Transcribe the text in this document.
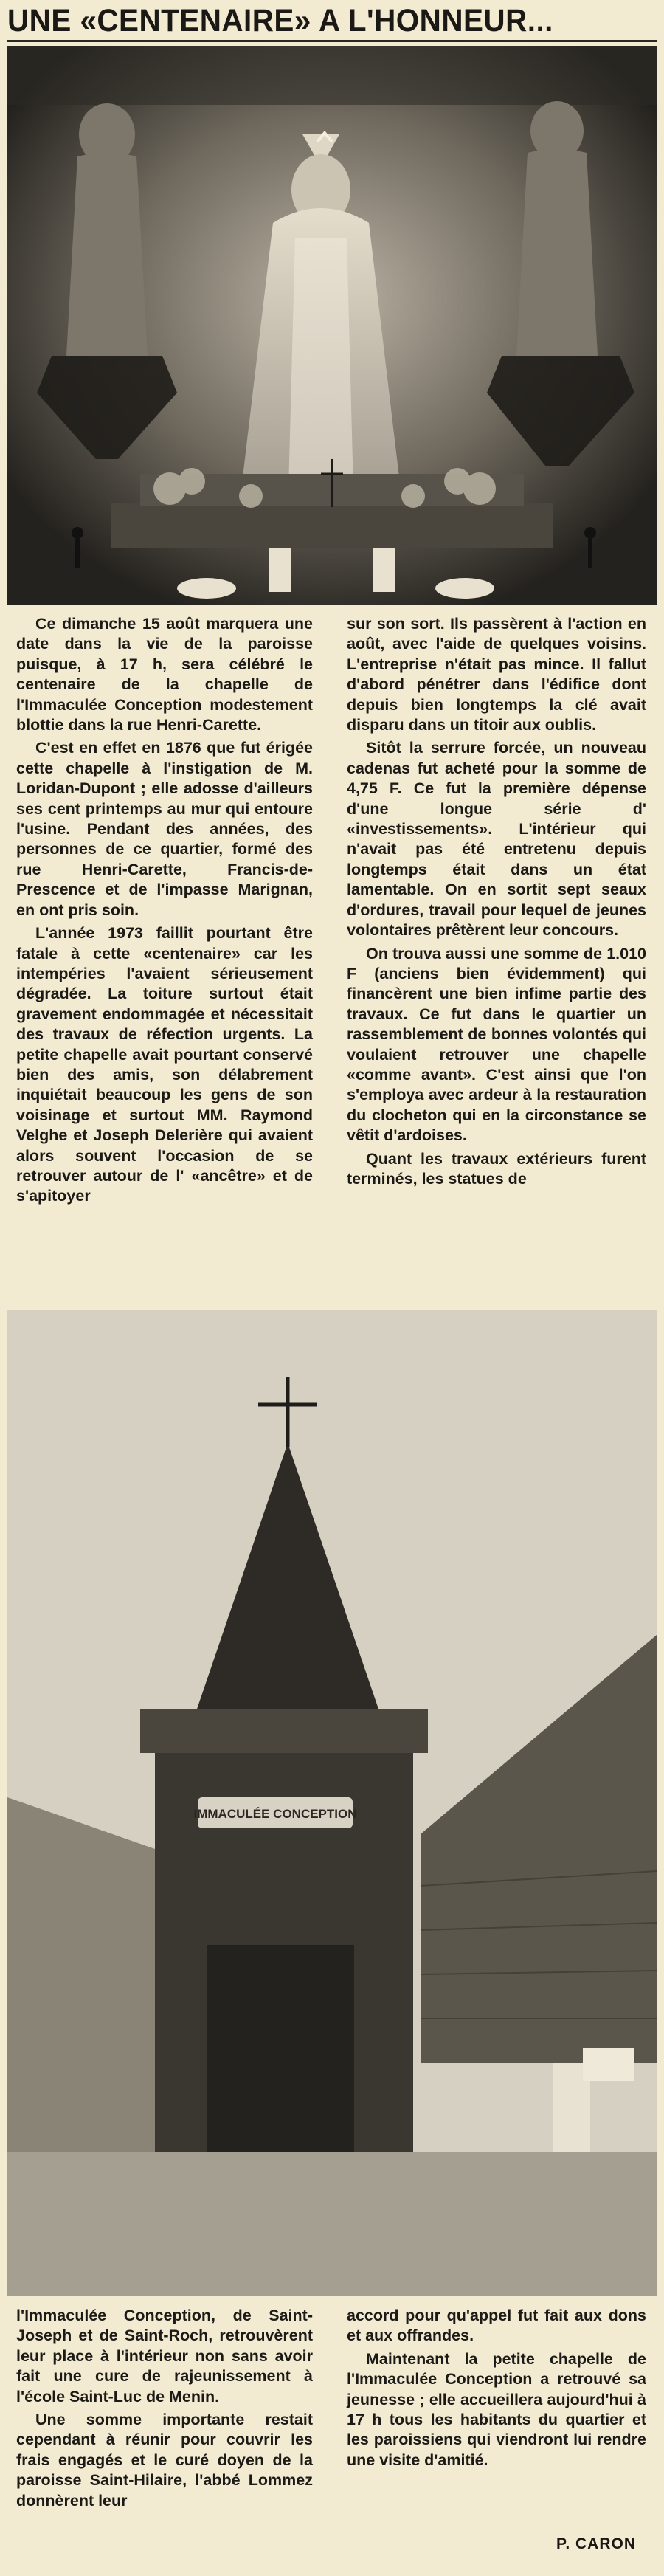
UNE «CENTENAIRE» A L'HONNEUR...

Ce dimanche 15 août marquera une date dans la vie de la paroisse puisque, à 17 h, sera célébré le centenaire de la chapelle de l'Immaculée Conception modestement blottie dans la rue Henri-Carette.

C'est en effet en 1876 que fut érigée cette chapelle à l'instigation de M. Loridan-Dupont ; elle adosse d'ailleurs ses cent printemps au mur qui entoure l'usine. Pendant des années, des personnes de ce quartier, formé des rue Henri-Carette, Francis-de-Prescence et de l'impasse Marignan, en ont pris soin.

L'année 1973 faillit pourtant être fatale à cette «centenaire» car les intempéries l'avaient sérieusement dégradée. La toiture surtout était gravement endommagée et nécessitait des travaux de réfection urgents. La petite chapelle avait pourtant conservé bien des amis, son délabrement inquiétait beaucoup les gens de son voisinage et surtout MM. Raymond Velghe et Joseph Delerière qui avaient alors souvent l'occasion de se retrouver autour de l' «ancêtre» et de s'apitoyer

sur son sort. Ils passèrent à l'action en août, avec l'aide de quelques voisins. L'entreprise n'était pas mince. Il fallut d'abord pénétrer dans l'édifice dont depuis bien longtemps la clé avait disparu dans un titoir aux oublis.

Sitôt la serrure forcée, un nouveau cadenas fut acheté pour la somme de 4,75 F. Ce fut la première dépense d'une longue série d' «investissements». L'intérieur qui n'avait pas été entretenu depuis longtemps était dans un état lamentable. On en sortit sept seaux d'ordures, travail pour lequel de jeunes volontaires prêtèrent leur concours.

On trouva aussi une somme de 1.010 F (anciens bien évidemment) qui financèrent une bien infime partie des travaux. Ce fut dans le quartier un rassemblement de bonnes volontés qui voulaient retrouver une chapelle «comme avant». C'est ainsi que l'on s'employa avec ardeur à la restauration du clocheton qui en la circonstance se vêtit d'ardoises.

Quant les travaux extérieurs furent terminés, les statues de

IMMACULÉE CONCEPTION

l'Immaculée Conception, de Saint-Joseph et de Saint-Roch, retrouvèrent leur place à l'intérieur non sans avoir fait une cure de rajeunissement à l'école Saint-Luc de Menin.

Une somme importante restait cependant à réunir pour couvrir les frais engagés et le curé doyen de la paroisse Saint-Hilaire, l'abbé Lommez donnèrent leur

accord pour qu'appel fut fait aux dons et aux offrandes.

Maintenant la petite chapelle de l'Immaculée Conception a retrouvé sa jeunesse ; elle accueillera aujourd'hui à 17 h tous les habitants du quartier et les paroissiens qui viendront lui rendre une visite d'amitié.

P. CARON
